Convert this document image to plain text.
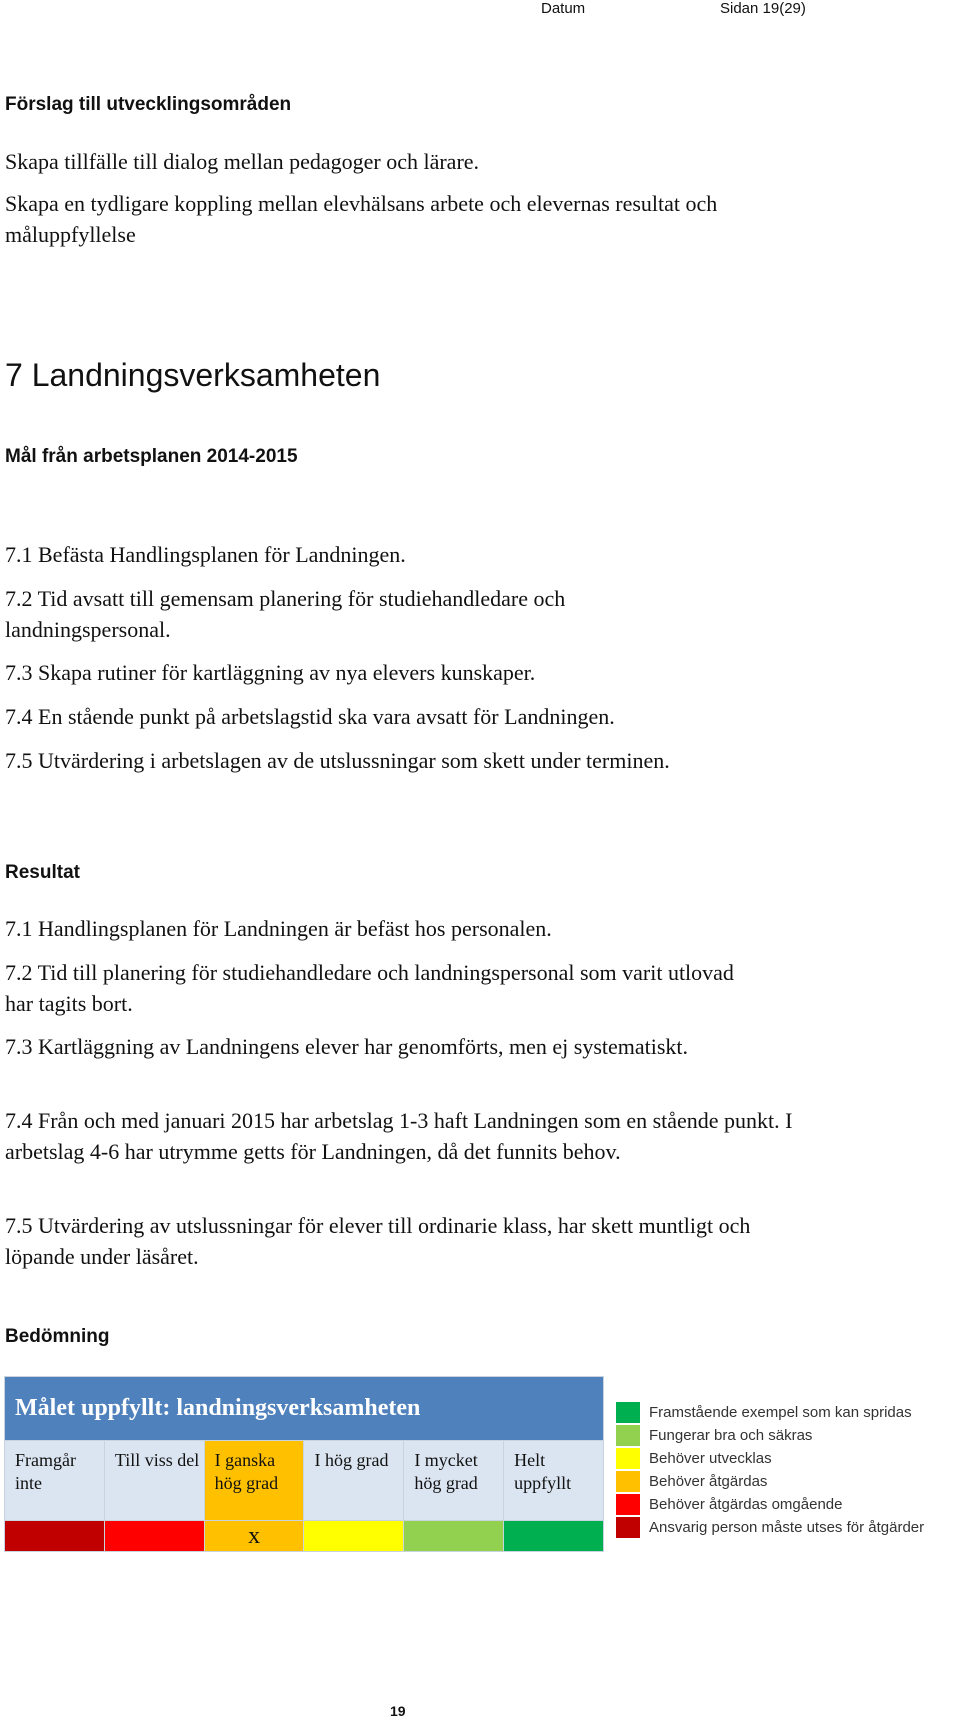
Datum	Sidan 19(29)
Förslag till utvecklingsområden
Skapa tillfälle till dialog mellan pedagoger och lärare.
Skapa en tydligare koppling mellan elevhälsans arbete och elevernas resultat och måluppfyllelse
7 Landningsverksamheten
Mål från arbetsplanen 2014-2015
7.1 Befästa Handlingsplanen för Landningen.
7.2 Tid avsatt till gemensam planering för studiehandledare och landningspersonal.
7.3 Skapa rutiner för kartläggning av nya elevers kunskaper.
7.4 En stående punkt på arbetslagstid ska vara avsatt för Landningen.
7.5 Utvärdering i arbetslagen av de utslussningar som skett under terminen.
Resultat
7.1 Handlingsplanen för Landningen är befäst hos personalen.
7.2 Tid till planering för studiehandledare och landningspersonal som varit utlovad har tagits bort.
7.3 Kartläggning av Landningens elever har genomförts, men ej systematiskt.
7.4 Från och med januari 2015 har arbetslag 1-3 haft Landningen som en stående punkt. I arbetslag 4-6 har utrymme getts för Landningen, då det funnits behov.
7.5 Utvärdering av utslussningar för elever till ordinarie klass, har skett muntligt och löpande under läsåret.
Bedömning
Målet uppfyllt: landningsverksamheten					
Framgår inte	Till viss del	I ganska hög grad	I hög grad	I mycket hög grad	Helt uppfyllt
		x			
Framstående exempel som kan spridas
Fungerar bra och säkras
Behöver utvecklas
Behöver åtgärdas
Behöver åtgärdas omgående
Ansvarig person måste utses för åtgärder
19
